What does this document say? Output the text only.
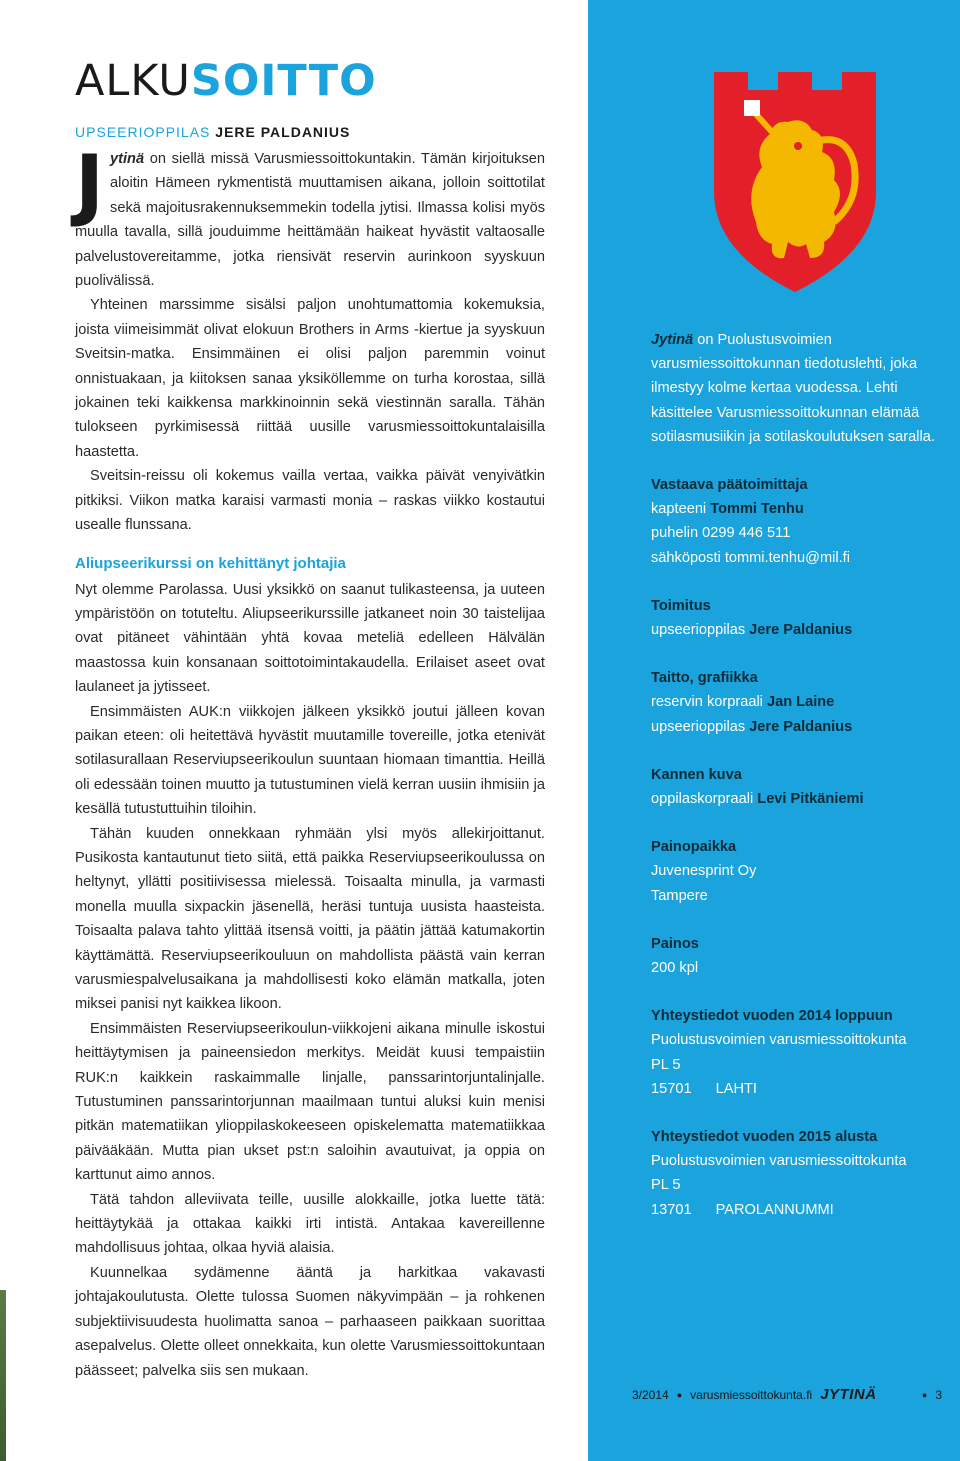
ALKUSOITTO
UPSEERIOPPILAS JERE PALDANIUS

Jytinä on siellä missä Varusmiessoittokuntakin. Tämän kirjoituksen aloitin Hämeen rykmentistä muuttamisen aikana, jolloin soittotilat sekä majoitusrakennuksemmekin todella jytisi. Ilmassa kolisi myös muulla tavalla, sillä jouduimme heittämään haikeat hyvästit valtaosalle palvelustovereitamme, jotka riensivät reservin aurinkoon syyskuun puolivälissä.

Yhteinen marssimme sisälsi paljon unohtumattomia kokemuksia, joista viimeisimmät olivat elokuun Brothers in Arms -kiertue ja syyskuun Sveitsin-matka. Ensimmäinen ei olisi paljon paremmin voinut onnistuakaan, ja kiitoksen sanaa yksiköllemme on turha korostaa, sillä jokainen teki kaikkensa markkinoinnin sekä viestinnän saralla. Tähän tulokseen pyrkimisessä riittää uusille varusmiessoittokuntalaisilla haastetta.

Sveitsin-reissu oli kokemus vailla vertaa, vaikka päivät venyivätkin pitkiksi. Viikon matka karaisi varmasti monia – raskas viikko kostautui usealle flunssana.

Aliupseerikurssi on kehittänyt johtajia

Nyt olemme Parolassa. Uusi yksikkö on saanut tulikasteensa, ja uuteen ympäristöön on totuteltu. Aliupseerikurssille jatkaneet noin 30 taistelijaa ovat pitäneet vähintään yhtä kovaa meteliä edelleen Hälvälän maastossa kuin konsanaan soittotoimintakaudella. Erilaiset aseet ovat laulaneet ja jytisseet.

Ensimmäisten AUK:n viikkojen jälkeen yksikkö joutui jälleen kovan paikan eteen: oli heitettävä hyvästit muutamille tovereille, jotka etenivät sotilasurallaan Reserviupseerikoulun suuntaan hiomaan timanttia. Heillä oli edessään toinen muutto ja tutustuminen vielä kerran uusiin ihmisiin ja kesällä tutustuttuihin tiloihin.

Tähän kuuden onnekkaan ryhmään ylsi myös allekirjoittanut. Pusikosta kantautunut tieto siitä, että paikka Reserviupseerikoulussa on heltynyt, yllätti positiivisessa mielessä. Toisaalta minulla, ja varmasti monella muulla sixpackin jäsenellä, heräsi tuntuja uusista haasteista. Toisaalta palava tahto ylittää itsensä voitti, ja päätin jättää katumakortin käyttämättä. Reserviupseerikouluun on mahdollista päästä vain kerran varusmiespalvelusaikana ja mahdollisesti koko elämän matkalla, joten miksei panisi nyt kaikkea likoon.

Ensimmäisten Reserviupseerikoulun-viikkojeni aikana minulle iskostui heittäytymisen ja paineensiedon merkitys. Meidät kuusi tempaistiin RUK:n kaikkein raskaimmalle linjalle, panssarintorjuntalinjalle. Tutustuminen panssarintorjunnan maailmaan tuntui aluksi kuin menisi pitkän matematiikan ylioppilaskokeeseen opiskelematta matematiikkaa päivääkään. Mutta pian ukset pst:n saloihin avautuivat, ja oppia on karttunut aimo annos.

Tätä tahdon alleviivata teille, uusille alokkaille, jotka luette tätä: heittäytykää ja ottakaa kaikki irti intistä. Antakaa kavereillenne mahdollisuus johtaa, olkaa hyviä alaisia.

Kuunnelkaa sydämenne ääntä ja harkitkaa vakavasti johtajakoulutusta. Olette tulossa Suomen näkyvimpään – ja rohkenen subjektiivisuudesta huolimatta sanoa – parhaaseen paikkaan suorittaa asepalvelus. Olette olleet onnekkaita, kun olette Varusmiessoittokuntaan päässeet; palvelka siis sen mukaan.

Jytinä on Puolustusvoimien varusmiessoittokunnan tiedotuslehti, joka ilmestyy kolme kertaa vuodessa. Lehti käsittelee Varusmiessoittokunnan elämää sotilasmusiikin ja sotilaskoulutuksen saralla.

Vastaava päätoimittaja

kapteeni Tommi Tenhu

puhelin 0299 446 511

sähköposti tommi.tenhu@mil.fi

Toimitus

upseerioppilas Jere Paldanius

Taitto, grafiikka

reservin korpraali Jan Laine

upseerioppilas Jere Paldanius

Kannen kuva

oppilaskorpraali Levi Pitkäniemi

Painopaikka

Juvenesprint Oy

Tampere

Painos

200 kpl

Yhteystiedot vuoden 2014 loppuun

Puolustusvoimien varusmiessoittokunta

PL 5

15701 LAHTI

Yhteystiedot vuoden 2015 alusta

Puolustusvoimien varusmiessoittokunta

PL 5

13701 PAROLANNUMMI

3/2014 ● varusmiessoittokunta.fi JYTINÄ	● 3
